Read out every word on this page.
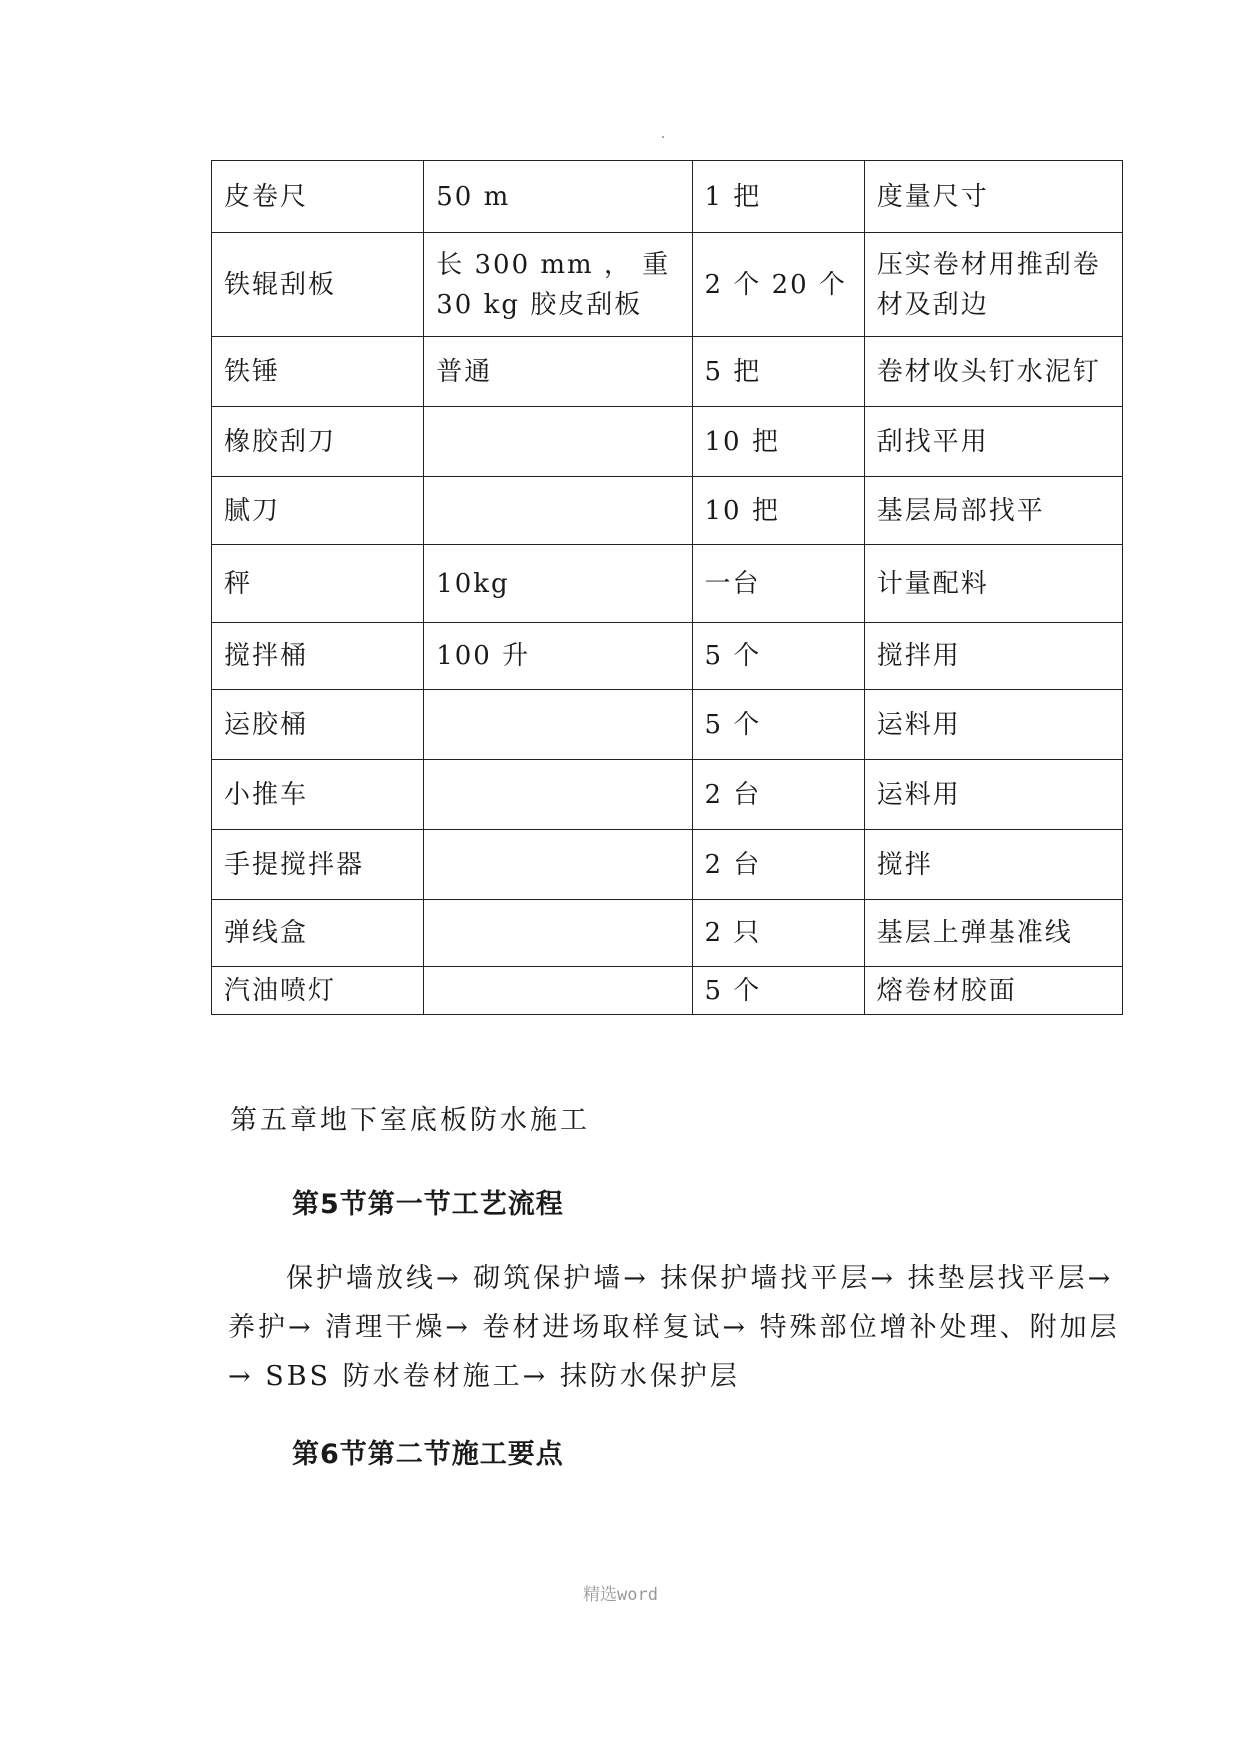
皮卷尺	50 m	1 把	度量尺寸
铁辊刮板	长 300 mm ， 重 30 kg 胶皮刮板	2 个 20 个	压实卷材用推刮卷材及刮边
铁锤	普通	5 把	卷材收头钉水泥钉
橡胶刮刀		10 把	刮找平用
腻刀		10 把	基层局部找平
秤	10kg	一台	计量配料
搅拌桶	100 升	5 个	搅拌用
运胶桶		5 个	运料用
小推车		2 台	运料用
手提搅拌器		2 台	搅拌
弹线盒		2 只	基层上弹基准线
汽油喷灯		5 个	熔卷材胶面
第五章地下室底板防水施工
第5节第一节工艺流程

保护墙放线→ 砌筑保护墙→ 抹保护墙找平层→ 抹垫层找平层→ 养护→ 清理干燥→ 卷材进场取样复试→ 特殊部位增补处理、附加层→ SBS 防水卷材施工→ 抹防水保护层

第6节第二节施工要点
精选word
